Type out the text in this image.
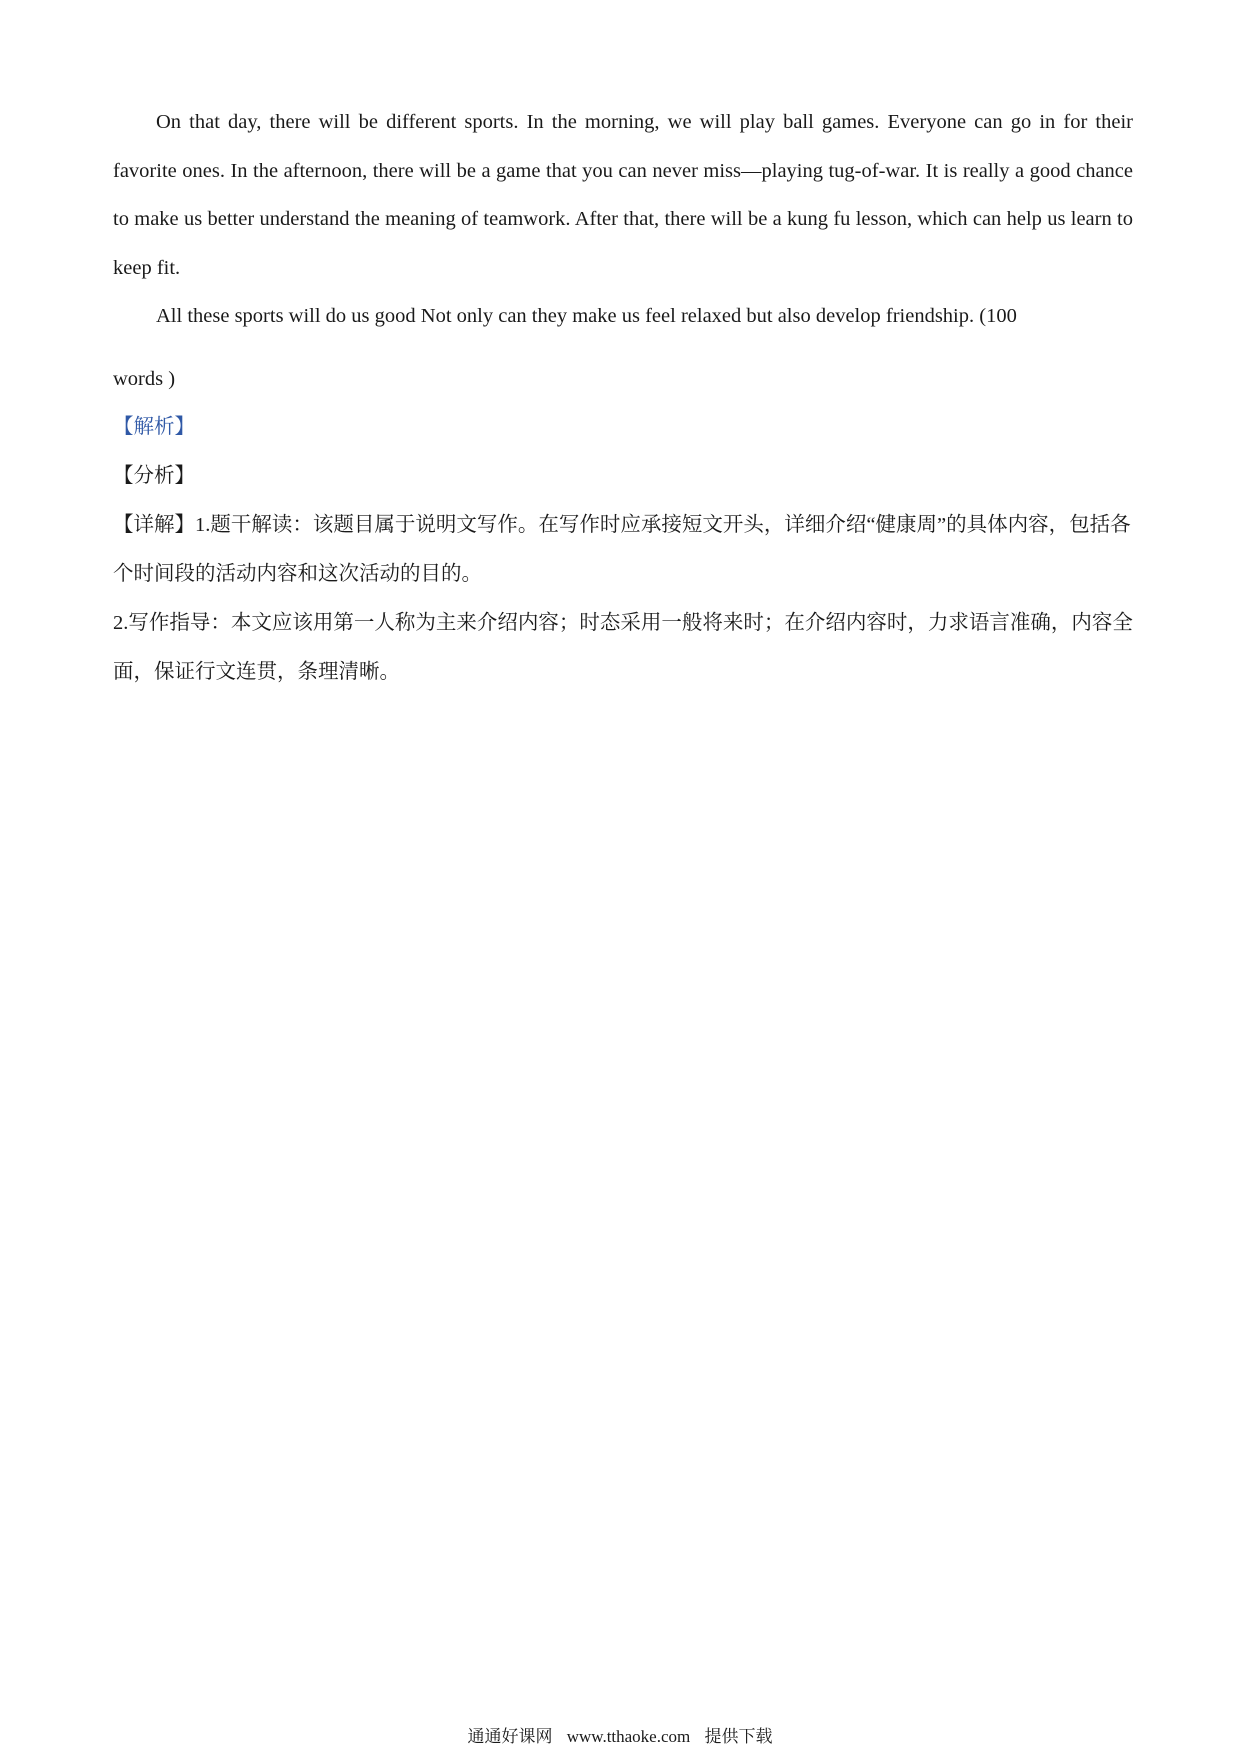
On that day, there will be different sports. In the morning, we will play ball games. Everyone can go in for their favorite ones. In the afternoon, there will be a game that you can never miss—playing tug-of-war. It is really a good chance to make us better understand the meaning of teamwork. After that, there will be a kung fu lesson, which can help us learn to keep fit.

All these sports will do us good Not only can they make us feel relaxed but also develop friendship. (100

words )

【解析】

【分析】

【详解】1.题干解读：该题目属于说明文写作。在写作时应承接短文开头，详细介绍“健康周”的具体内容，包括各个时间段的活动内容和这次活动的目的。

2.写作指导：本文应该用第一人称为主来介绍内容；时态采用一般将来时；在介绍内容时，力求语言准确，内容全面，保证行文连贯，条理清晰。

通通好课网 www.tthaoke.com 提供下载
